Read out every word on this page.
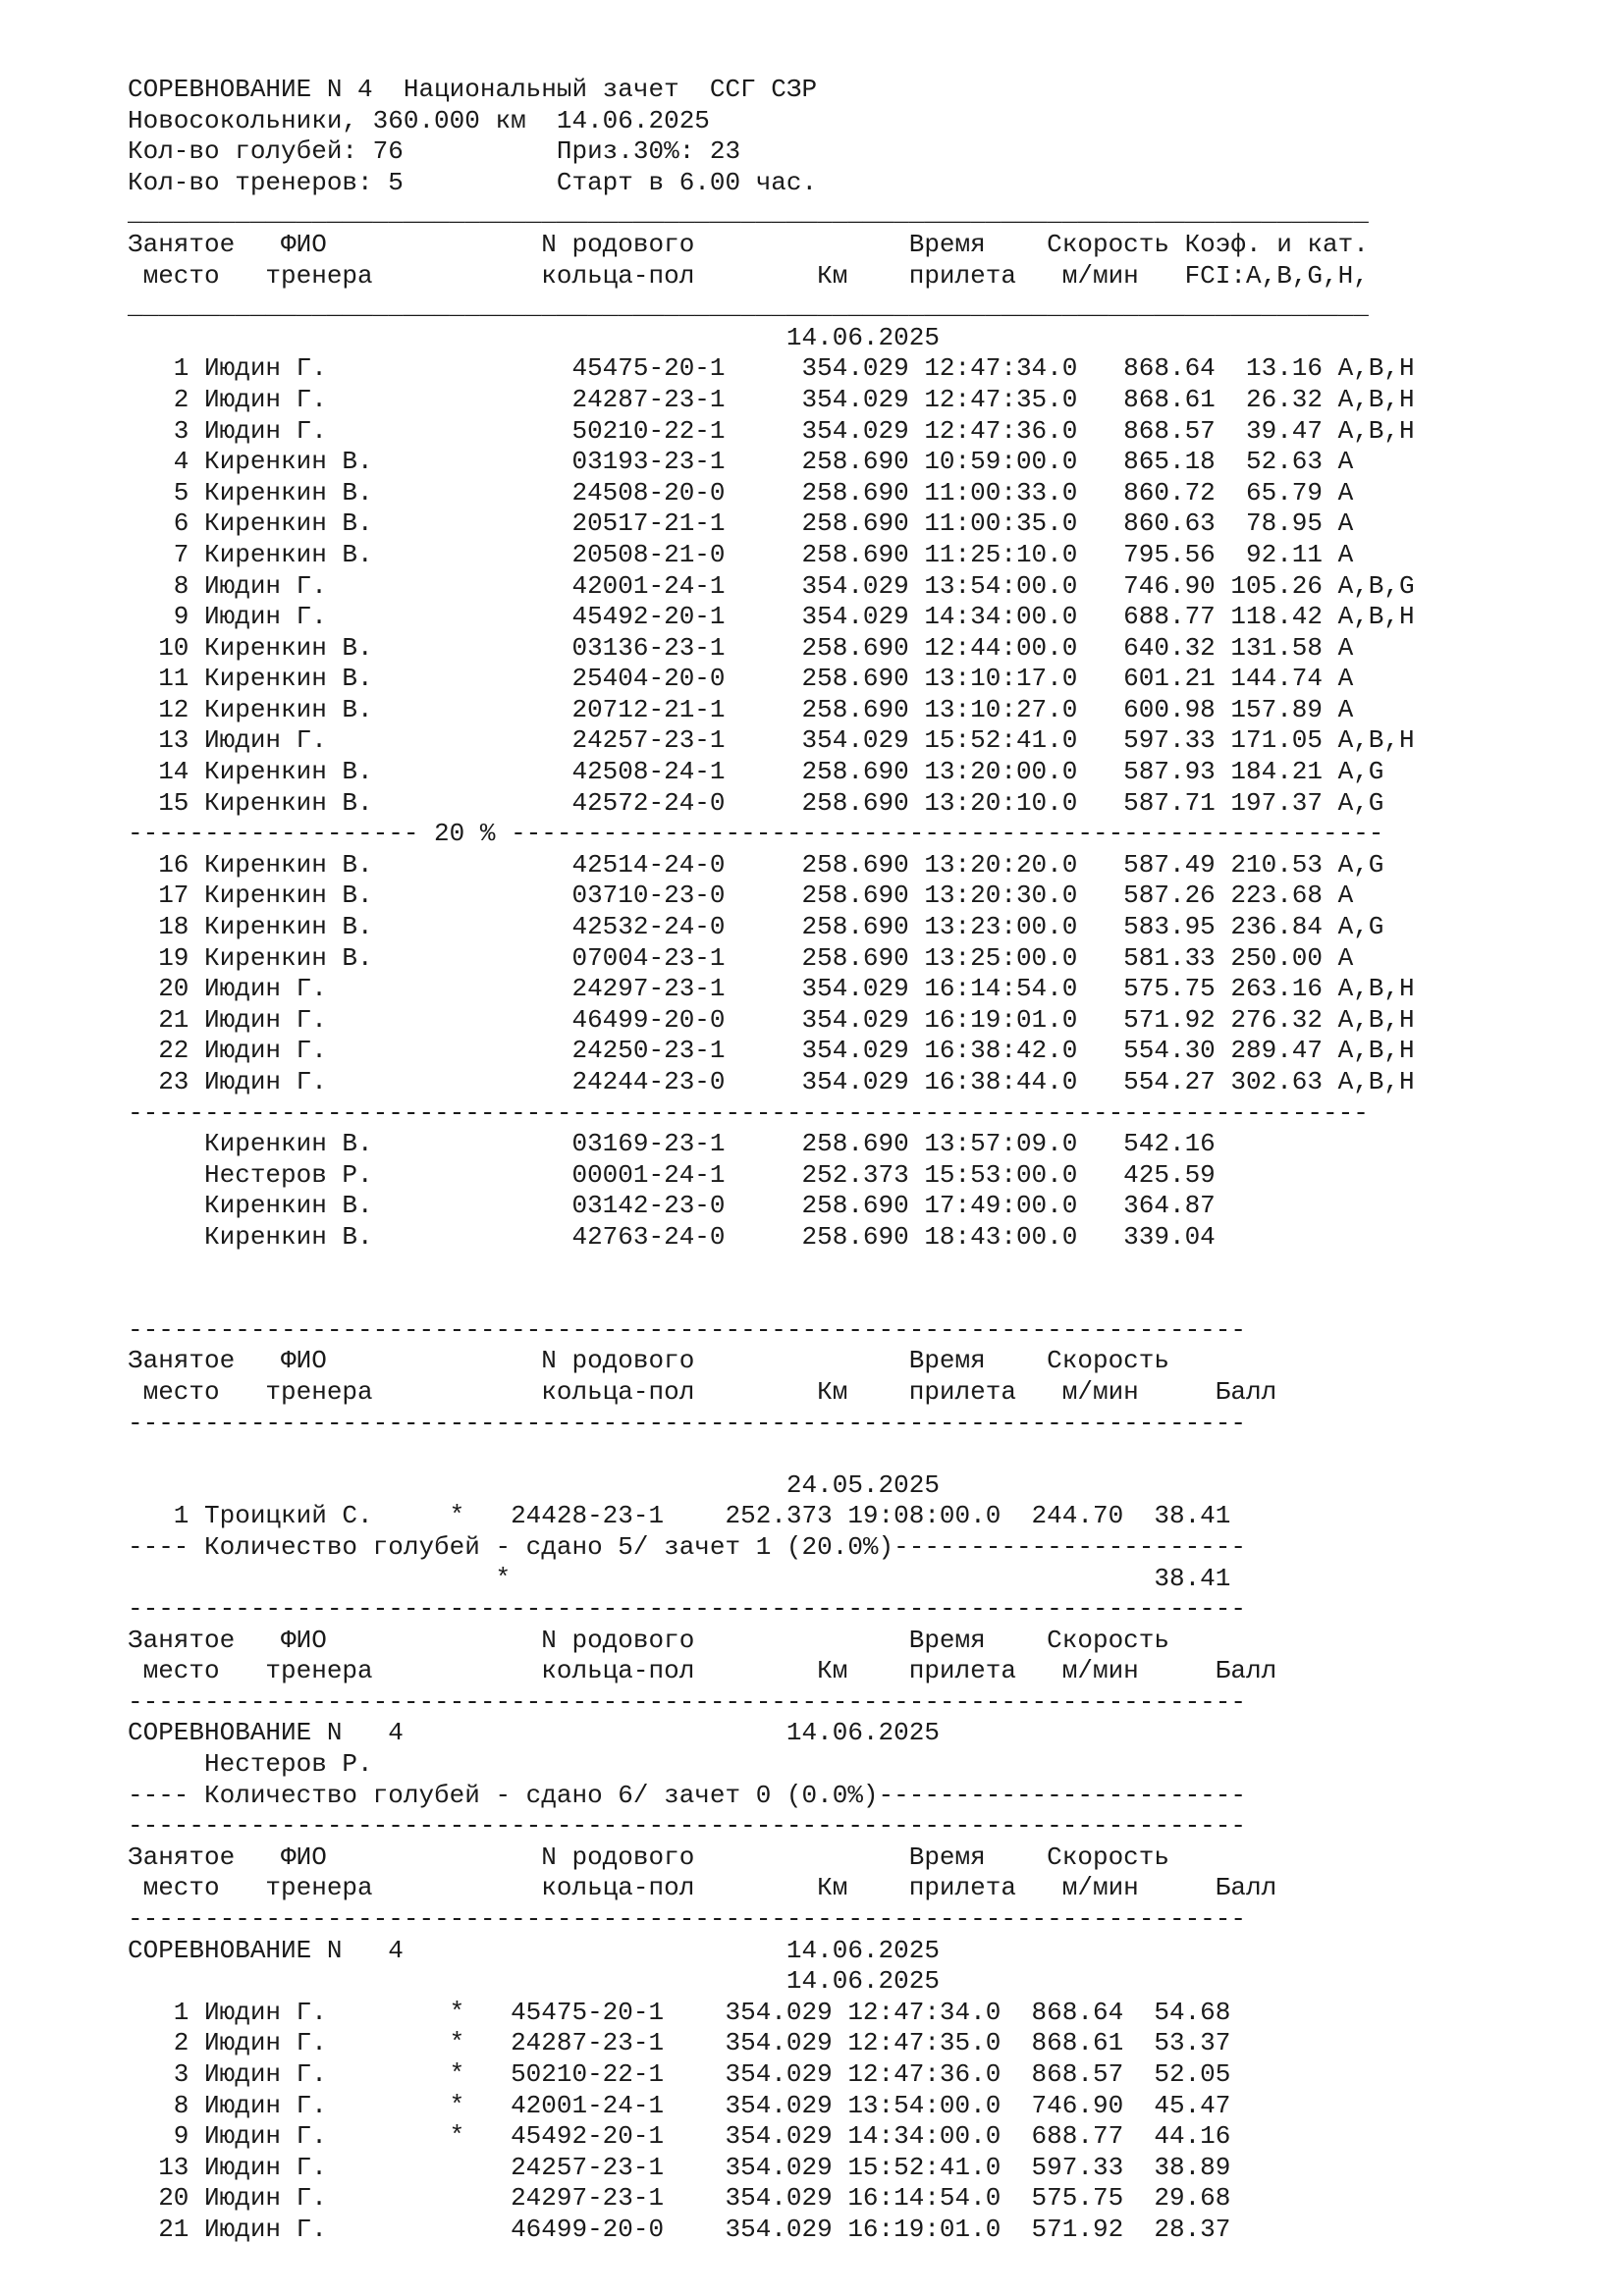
СОРЕВНОВАНИЕ N 4  Национальный зачет  ССГ СЗР
Новосокольники, 360.000 км  14.06.2025
Кол-во голубей: 76          Приз.30%: 23
Кол-во тренеров: 5          Старт в 6.00 час.
_________________________________________________________________________________
Занятое   ФИО              N родового              Время    Скорость Коэф. и кат.
место   тренера           кольца-пол        Км    прилета   м/мин   FCI:A,B,G,H,
_________________________________________________________________________________
14.06.2025
1 Июдин Г.                45475-20-1     354.029 12:47:34.0   868.64  13.16 A,B,H
2 Июдин Г.                24287-23-1     354.029 12:47:35.0   868.61  26.32 A,B,H
3 Июдин Г.                50210-22-1     354.029 12:47:36.0   868.57  39.47 A,B,H
4 Киренкин В.             03193-23-1     258.690 10:59:00.0   865.18  52.63 A
5 Киренкин В.             24508-20-0     258.690 11:00:33.0   860.72  65.79 A
6 Киренкин В.             20517-21-1     258.690 11:00:35.0   860.63  78.95 A
7 Киренкин В.             20508-21-0     258.690 11:25:10.0   795.56  92.11 A
8 Июдин Г.                42001-24-1     354.029 13:54:00.0   746.90 105.26 A,B,G
9 Июдин Г.                45492-20-1     354.029 14:34:00.0   688.77 118.42 A,B,H
10 Киренкин В.             03136-23-1     258.690 12:44:00.0   640.32 131.58 A
11 Киренкин В.             25404-20-0     258.690 13:10:17.0   601.21 144.74 A
12 Киренкин В.             20712-21-1     258.690 13:10:27.0   600.98 157.89 A
13 Июдин Г.                24257-23-1     354.029 15:52:41.0   597.33 171.05 A,B,H
14 Киренкин В.             42508-24-1     258.690 13:20:00.0   587.93 184.21 A,G
15 Киренкин В.             42572-24-0     258.690 13:20:10.0   587.71 197.37 A,G
------------------- 20 % ---------------------------------------------------------
16 Киренкин В.             42514-24-0     258.690 13:20:20.0   587.49 210.53 A,G
17 Киренкин В.             03710-23-0     258.690 13:20:30.0   587.26 223.68 A
18 Киренкин В.             42532-24-0     258.690 13:23:00.0   583.95 236.84 A,G
19 Киренкин В.             07004-23-1     258.690 13:25:00.0   581.33 250.00 A
20 Июдин Г.                24297-23-1     354.029 16:14:54.0   575.75 263.16 A,B,H
21 Июдин Г.                46499-20-0     354.029 16:19:01.0   571.92 276.32 A,B,H
22 Июдин Г.                24250-23-1     354.029 16:38:42.0   554.30 289.47 A,B,H
23 Июдин Г.                24244-23-0     354.029 16:38:44.0   554.27 302.63 A,B,H
---------------------------------------------------------------------------------
Киренкин В.             03169-23-1     258.690 13:57:09.0   542.16
Нестеров Р.             00001-24-1     252.373 15:53:00.0   425.59
Киренкин В.             03142-23-0     258.690 17:49:00.0   364.87
Киренкин В.             42763-24-0     258.690 18:43:00.0   339.04

-------------------------------------------------------------------------
Занятое   ФИО              N родового              Время    Скорость
место   тренера           кольца-пол        Км    прилета   м/мин     Балл
-------------------------------------------------------------------------

24.05.2025
1 Троицкий С.     *   24428-23-1    252.373 19:08:00.0  244.70  38.41
---- Количество голубей - сдано 5/ зачет 1 (20.0%)-----------------------
*                                          38.41
-------------------------------------------------------------------------
Занятое   ФИО              N родового              Время    Скорость
место   тренера           кольца-пол        Км    прилета   м/мин     Балл
-------------------------------------------------------------------------
СОРЕВНОВАНИЕ N   4                         14.06.2025
Нестеров Р.
---- Количество голубей - сдано 6/ зачет 0 (0.0%)------------------------
-------------------------------------------------------------------------
Занятое   ФИО              N родового              Время    Скорость
место   тренера           кольца-пол        Км    прилета   м/мин     Балл
-------------------------------------------------------------------------
СОРЕВНОВАНИЕ N   4                         14.06.2025
14.06.2025
1 Июдин Г.        *   45475-20-1    354.029 12:47:34.0  868.64  54.68
2 Июдин Г.        *   24287-23-1    354.029 12:47:35.0  868.61  53.37
3 Июдин Г.        *   50210-22-1    354.029 12:47:36.0  868.57  52.05
8 Июдин Г.        *   42001-24-1    354.029 13:54:00.0  746.90  45.47
9 Июдин Г.        *   45492-20-1    354.029 14:34:00.0  688.77  44.16
13 Июдин Г.            24257-23-1    354.029 15:52:41.0  597.33  38.89
20 Июдин Г.            24297-23-1    354.029 16:14:54.0  575.75  29.68
21 Июдин Г.            46499-20-0    354.029 16:19:01.0  571.92  28.37
